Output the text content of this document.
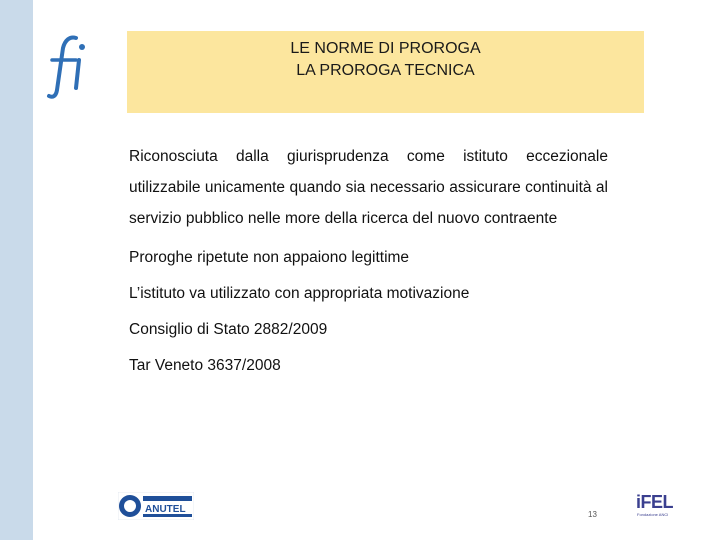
LE NORME DI PROROGA
LA PROROGA TECNICA

Riconosciuta dalla giurisprudenza come istituto eccezionale utilizzabile unicamente quando sia necessario assicurare continuità al servizio pubblico nelle more della ricerca del nuovo contraente

Proroghe ripetute non appaiono legittime

L’istituto va utilizzato con appropriata motivazione

Consiglio di Stato 2882/2009

Tar Veneto 3637/2008

ANUTEL	13
iFEL
Fondazione ANCI
